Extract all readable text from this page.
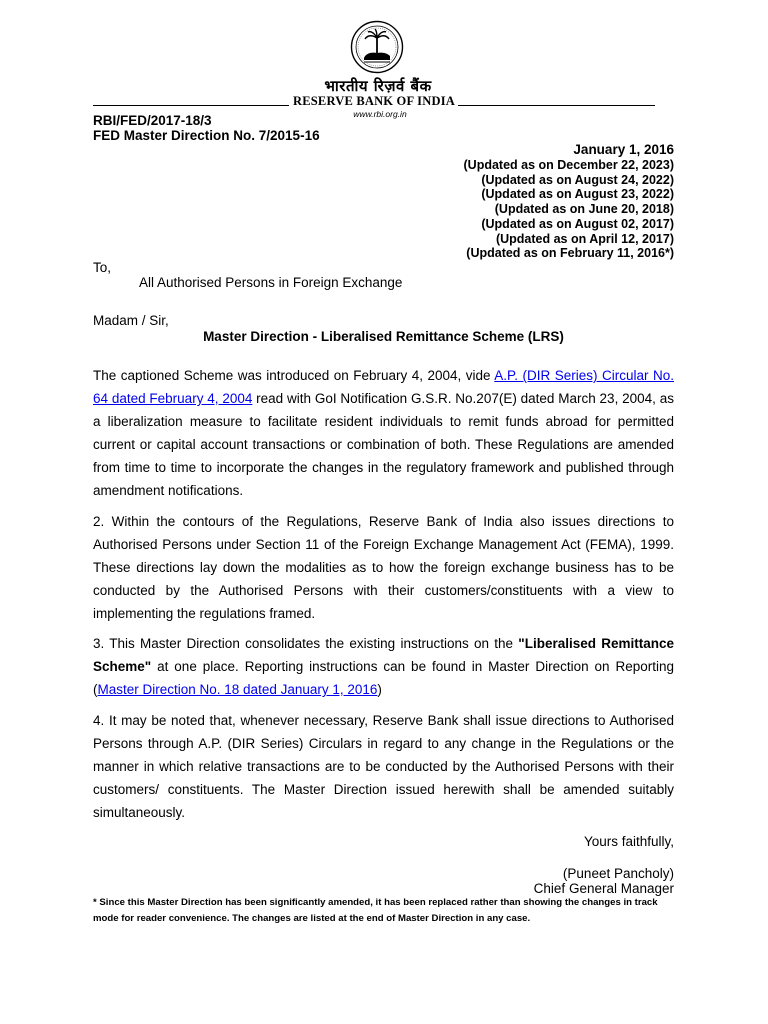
भारतीय रिज़र्व बैंक
RESERVE BANK OF INDIA
www.rbi.org.in
RBI/FED/2017-18/3
FED Master Direction No. 7/2015-16
January 1, 2016
(Updated as on December 22, 2023)
(Updated as on August 24, 2022)
(Updated as on August 23, 2022)
(Updated as on June 20, 2018)
(Updated as on August 02, 2017)
(Updated as on April 12, 2017)
(Updated as on February 11, 2016*)
To,
All Authorised Persons in Foreign Exchange
Madam / Sir,
Master Direction - Liberalised Remittance Scheme (LRS)

The captioned Scheme was introduced on February 4, 2004, vide A.P. (DIR Series) Circular No. 64 dated February 4, 2004 read with GoI Notification G.S.R. No.207(E) dated March 23, 2004, as a liberalization measure to facilitate resident individuals to remit funds abroad for permitted current or capital account transactions or combination of both. These Regulations are amended from time to time to incorporate the changes in the regulatory framework and published through amendment notifications.

2. Within the contours of the Regulations, Reserve Bank of India also issues directions to Authorised Persons under Section 11 of the Foreign Exchange Management Act (FEMA), 1999. These directions lay down the modalities as to how the foreign exchange business has to be conducted by the Authorised Persons with their customers/constituents with a view to implementing the regulations framed.

3. This Master Direction consolidates the existing instructions on the "Liberalised Remittance Scheme" at one place. Reporting instructions can be found in Master Direction on Reporting (Master Direction No. 18 dated January 1, 2016)

4. It may be noted that, whenever necessary, Reserve Bank shall issue directions to Authorised Persons through A.P. (DIR Series) Circulars in regard to any change in the Regulations or the manner in which relative transactions are to be conducted by the Authorised Persons with their customers/ constituents. The Master Direction issued herewith shall be amended suitably simultaneously.

Yours faithfully,
(Puneet Pancholy)
Chief General Manager
* Since this Master Direction has been significantly amended, it has been replaced rather than showing the changes in track mode for reader convenience. The changes are listed at the end of Master Direction in any case.
